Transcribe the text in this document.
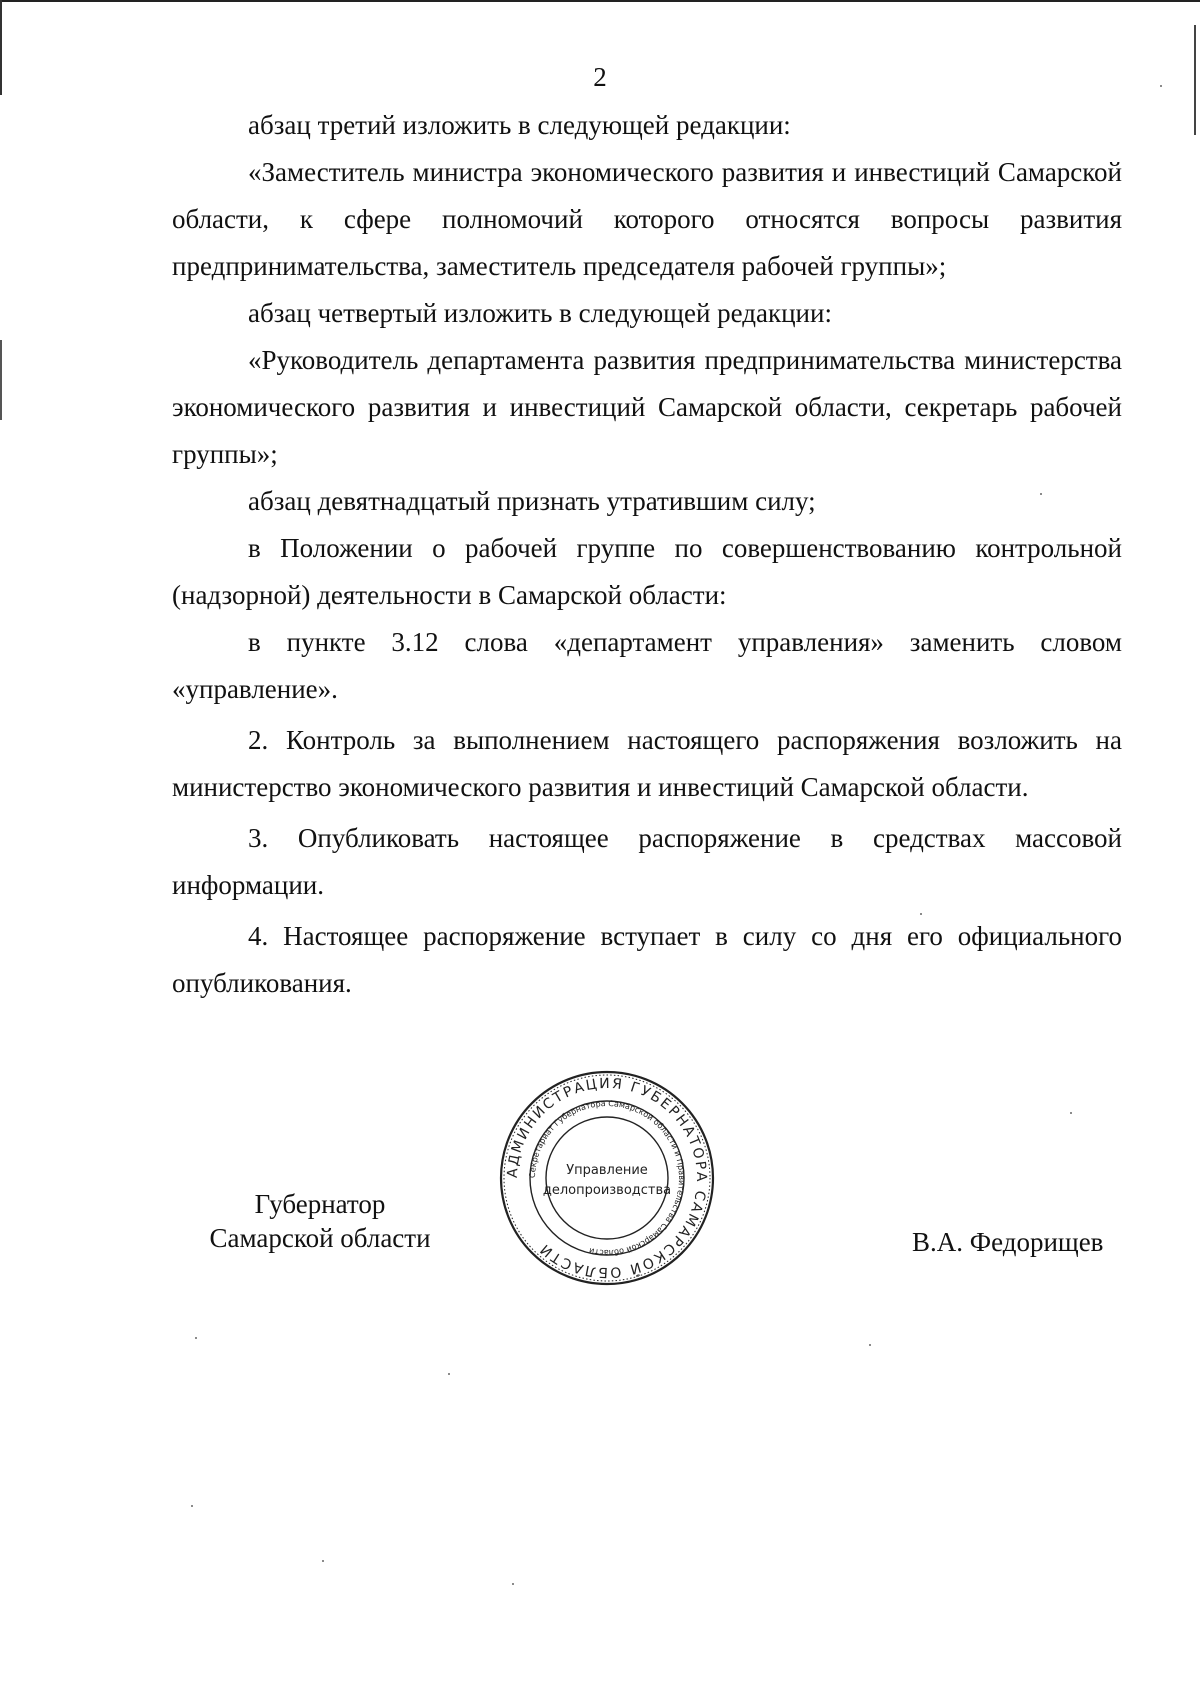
2

абзац третий изложить в следующей редакции:

«Заместитель министра экономического развития и инвестиций Самарской области, к сфере полномочий которого относятся вопросы развития предпринимательства, заместитель председателя рабочей группы»;

абзац четвертый изложить в следующей редакции:

«Руководитель департамента развития предпринимательства министерства экономического развития и инвестиций Самарской области, секретарь рабочей группы»;

абзац девятнадцатый признать утратившим силу;

в Положении о рабочей группе по совершенствованию контрольной (надзорной) деятельности в Самарской области:

в пункте 3.12 слова «департамент управления» заменить словом «управление».

2. Контроль за выполнением настоящего распоряжения возложить на министерство экономического развития и инвестиций Самарской области.

3. Опубликовать настоящее распоряжение в средствах массовой информации.

4. Настоящее распоряжение вступает в силу со дня его официального опубликования.

Губернатор
Самарской области
АДМИНИСТРАЦИЯ ГУБЕРНАТОРА САМАРСКОЙ ОБЛАСТИ
Секретариат Губернатора Самарской области и Правительства Самарской области
Управление
делопроизводства
В.А. Федорищев
